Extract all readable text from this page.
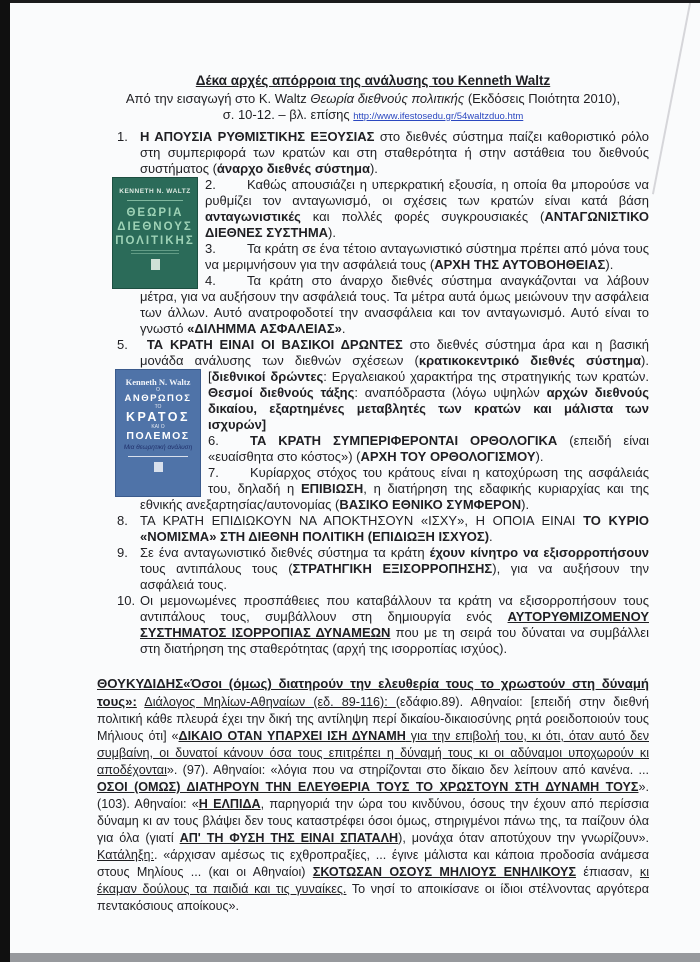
Δέκα αρχές απόρροια της ανάλυσης του Kenneth Waltz
Από την εισαγωγή στο Κ. Waltz Θεωρία διεθνούς πολιτικής (Εκδόσεις Ποιότητα 2010),
σ. 10-12. – βλ. επίσης http://www.ifestosedu.gr/54waltzduo.htm
1. Η ΑΠΟΥΣΙΑ ΡΥΘΜΙΣΤΙΚΗΣ ΕΞΟΥΣΙΑΣ στο διεθνές σύστημα παίζει καθοριστικό ρόλο στη συμπεριφορά των κρατών και στη σταθερότητα ή στην αστάθεια του διεθνούς συστήματος (άναρχο διεθνές σύστημα).
KENNETH N. WALTZ
ΘΕΩΡΙΑ
ΔΙΕΘΝΟΥΣ
ΠΟΛΙΤΙΚΗΣ
2. Καθώς απουσιάζει η υπερκρατική εξουσία, η οποία θα μπορούσε να ρυθμίζει τον ανταγωνισμό, οι σχέσεις των κρατών είναι κατά βάση ανταγωνιστικές και πολλές φορές συγκρουσιακές (ΑΝΤΑΓΩΝΙΣΤΙΚΟ ΔΙΕΘΝΕΣ ΣΥΣΤΗΜΑ).
3. Τα κράτη σε ένα τέτοιο ανταγωνιστικό σύστημα πρέπει από μόνα τους να μεριμνήσουν για την ασφάλειά τους (ΑΡΧΗ ΤΗΣ ΑΥΤΟΒΟΗΘΕΙΑΣ).
4. Τα κράτη στο άναρχο διεθνές σύστημα αναγκάζονται να λάβουν μέτρα, για να αυξήσουν την ασφάλειά τους. Τα μέτρα αυτά όμως μειώνουν την ασφάλεια των άλλων. Αυτό ανατροφοδοτεί την ανασφάλεια και τον ανταγωνισμό. Αυτό είναι το γνωστό «ΔΙΛΗΜΜΑ ΑΣΦΑΛΕΙΑΣ».
5.
Kenneth N. Waltz
Ο
ΑΝΘΡΩΠΟΣ
ΤΟ
ΚΡΑΤΟΣ
ΚΑΙ Ο
ΠΟΛΕΜΟΣ
Μια θεωρητική ανάλυση
ΤΑ ΚΡΑΤΗ ΕΙΝΑΙ ΟΙ ΒΑΣΙΚΟΙ ΔΡΩΝΤΕΣ στο διεθνές σύστημα άρα και η βασική μονάδα ανάλυσης των διεθνών σχέσεων (κρατικοκεντρικό διεθνές σύστημα). [διεθνικοί δρώντες: Εργαλειακού χαρακτήρα της στρατηγικής των κρατών. Θεσμοί διεθνούς τάξης: αναπόδραστα (λόγω υψηλών αρχών διεθνούς δικαίου, εξαρτημένες μεταβλητές των κρατών και μάλιστα των ισχυρών]
6. ΤΑ ΚΡΑΤΗ ΣΥΜΠΕΡΙΦΕΡΟΝΤΑΙ ΟΡΘΟΛΟΓΙΚΑ (επειδή είναι «ευαίσθητα στο κόστος») (ΑΡΧΗ ΤΟΥ ΟΡΘΟΛΟΓΙΣΜΟΥ).
7. Κυρίαρχος στόχος του κράτους είναι η κατοχύρωση της ασφάλειάς του, δηλαδή η ΕΠΙΒΙΩΣΗ, η διατήρηση της εδαφικής κυριαρχίας και της εθνικής ανεξαρτησίας/αυτονομίας (ΒΑΣΙΚΟ ΕΘΝΙΚΟ ΣΥΜΦΕΡΟΝ).
8. ΤΑ ΚΡΑΤΗ ΕΠΙΔΙΩΚΟΥΝ ΝΑ ΑΠΟΚΤΗΣΟΥΝ «ΙΣΧΥ», Η ΟΠΟΙΑ ΕΙΝΑΙ ΤΟ ΚΥΡΙΟ «ΝΟΜΙΣΜΑ» ΣΤΗ ΔΙΕΘΝΗ ΠΟΛΙΤΙΚΗ (ΕΠΙΔΙΩΞΗ ΙΣΧΥΟΣ).
9. Σε ένα ανταγωνιστικό διεθνές σύστημα τα κράτη έχουν κίνητρο να εξισορροπήσουν τους αντιπάλους τους (ΣΤΡΑΤΗΓΙΚΗ ΕΞΙΣΟΡΡΟΠΗΣΗΣ), για να αυξήσουν την ασφάλειά τους.
10. Οι μεμονωμένες προσπάθειες που καταβάλλουν τα κράτη να εξισορροπήσουν τους αντιπάλους τους, συμβάλλουν στη δημιουργία ενός ΑΥΤΟΡΥΘΜΙΖΟΜΕΝΟΥ ΣΥΣΤΗΜΑΤΟΣ ΙΣΟΡΡΟΠΙΑΣ ΔΥΝΑΜΕΩΝ που με τη σειρά του δύναται να συμβάλλει στη διατήρηση της σταθερότητας (αρχή της ισορροπίας ισχύος).
ΘΟΥΚΥΔΙΔΗΣ«Όσοι (όμως) διατηρούν την ελευθερία τους το χρωστούν στη δύναμή τους»: Διάλογος Μηλίων-Αθηναίων (εδ. 89-116): (εδάφιο.89). Αθηναίοι: [επειδή στην διεθνή πολιτική κάθε πλευρά έχει την δική της αντίληψη περί δικαίου-δικαιοσύνης ρητά ροειδοποιούν τους Μήλιους ότι] «ΔΙΚΑΙΟ ΟΤΑΝ ΥΠΑΡΧΕΙ ΙΣΗ ΔΥΝΑΜΗ για την επιβολή του, κι ότι, όταν αυτό δεν συμβαίνη, οι δυνατοί κάνουν όσα τους επιτρέπει η δύναμή τους κι οι αδύναμοι υποχωρούν κι αποδέχονται». (97). Αθηναίοι: «λόγια που να στηρίζονται στο δίκαιο δεν λείπουν από κανένα. ... ΟΣΟΙ (ΟΜΩΣ) ΔΙΑΤΗΡΟΥΝ ΤΗΝ ΕΛΕΥΘΕΡΙΑ ΤΟΥΣ ΤΟ ΧΡΩΣΤΟΥΝ ΣΤΗ ΔΥΝΑΜΗ ΤΟΥΣ». (103). Αθηναίοι: «Η ΕΛΠΙΔΑ, παρηγοριά την ώρα του κινδύνου, όσους την έχουν από περίσσια δύναμη κι αν τους βλάψει δεν τους καταστρέφει όσοι όμως, στηριγμένοι πάνω της, τα παίζουν όλα για όλα (γιατί ΑΠ' ΤΗ ΦΥΣΗ ΤΗΣ ΕΙΝΑΙ ΣΠΑΤΑΛΗ), μονάχα όταν αποτύχουν την γνωρίζουν». Κατάληξη:. «άρχισαν αμέσως τις εχθροπραξίες, ... έγινε μάλιστα και κάποια προδοσία ανάμεσα στους Μηλίους ... (και οι Αθηναίοι) ΣΚΟΤΩΣΑΝ ΟΣΟΥΣ ΜΗΛΙΟΥΣ ΕΝΗΛΙΚΟΥΣ έπιασαν, κι έκαμαν δούλους τα παιδιά και τις γυναίκες. Το νησί το αποικίσανε οι ίδιοι στέλνοντας αργότερα πεντακόσιους αποίκους».
